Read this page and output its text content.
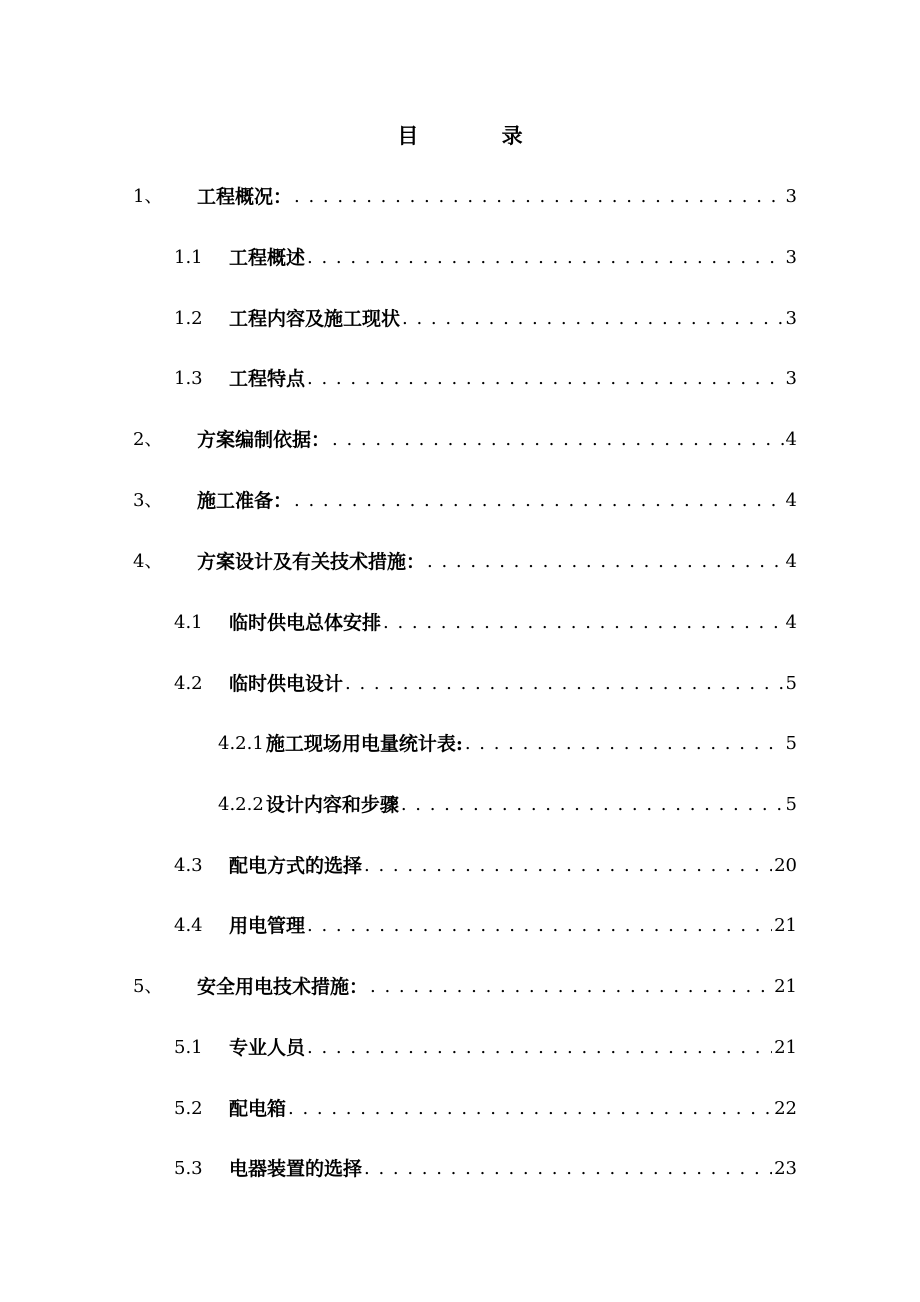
目 录
1、	工程概况： . . .	3
1.1	工程概述 . . .	3
1.2	工程内容及施工现状 . . .	3
1.3	工程特点 . . .	3
2、	方案编制依据： . . .	4
3、	施工准备： . . .	4
4、	方案设计及有关技术措施： . . .	4
4.1	临时供电总体安排 . . .	4
4.2	临时供电设计 . . .	5
4.2.1 施工现场用电量统计表: . . .	5
4.2.2 设计内容和步骤 . . .	5
4.3	配电方式的选择 . . .	20
4.4	用电管理 . . .	21
5、	安全用电技术措施： . . .	21
5.1	专业人员 . . .	21
5.2	配电箱 . . .	22
5.3	电器装置的选择 . . .	23
